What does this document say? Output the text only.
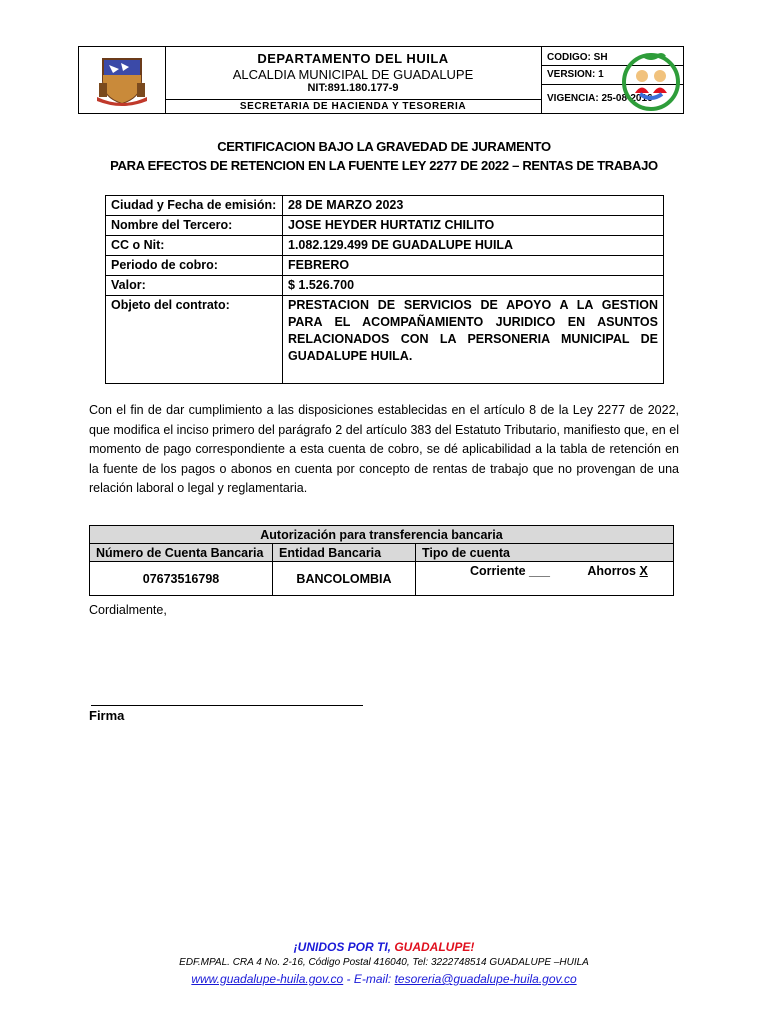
DEPARTAMENTO DEL HUILA
ALCALDIA MUNICIPAL DE GUADALUPE
NIT:891.180.177-9
SECRETARIA DE HACIENDA Y TESORERIA
CODIGO: SH
VERSION: 1
VIGENCIA: 25-08-2016
CERTIFICACION BAJO LA GRAVEDAD DE JURAMENTO
PARA EFECTOS DE RETENCION EN LA FUENTE LEY 2277 DE 2022 – RENTAS DE TRABAJO
Ciudad y Fecha de emisión:	28 DE MARZO 2023
Nombre del Tercero:	JOSE HEYDER HURTATIZ CHILITO
CC o Nit:	1.082.129.499 DE GUADALUPE HUILA
Periodo de cobro:	FEBRERO
Valor:	$ 1.526.700
Objeto del contrato:	PRESTACION DE SERVICIOS DE APOYO A LA GESTION PARA EL ACOMPAÑAMIENTO JURIDICO EN ASUNTOS RELACIONADOS CON LA PERSONERIA MUNICIPAL DE GUADALUPE HUILA.
Con el fin de dar cumplimiento a las disposiciones establecidas en el artículo 8 de la Ley 2277 de 2022, que modifica el inciso primero del parágrafo 2 del artículo 383 del Estatuto Tributario, manifiesto que, en el momento de pago correspondiente a esta cuenta de cobro, se dé aplicabilidad a la tabla de retención en la fuente de los pagos o abonos en cuenta por concepto de rentas de trabajo que no provengan de una relación laboral o legal y reglamentaria.
Autorización para transferencia bancaria		
Número de Cuenta Bancaria	Entidad Bancaria	Tipo de cuenta
07673516798	BANCOLOMBIA	Corriente ___ Ahorros X
Cordialmente,
Firma
¡UNIDOS POR TI, GUADALUPE!
EDF.MPAL. CRA 4 No. 2-16, Código Postal 416040, Tel: 3222748514 GUADALUPE –HUILA
www.guadalupe-huila.gov.co - E-mail: tesoreria@guadalupe-huila.gov.co
